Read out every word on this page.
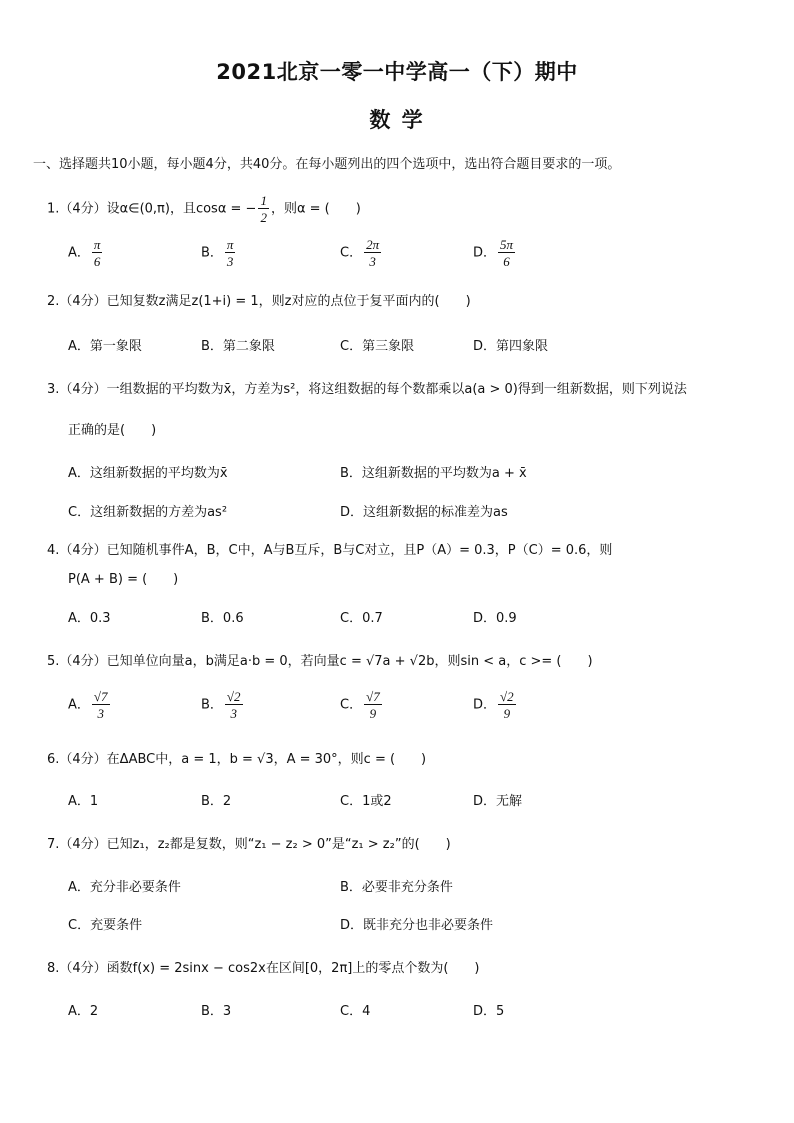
2021北京一零一中学高一（下）期中
数 学
一、选择题共10小题，每小题4分，共40分。在每小题列出的四个选项中，选出符合题目要求的一项。
1.（4分）设α∈(0,π)，且cosα = − $\frac{1}{2}$ ，则α = (　　)
A． $\frac{\pi}{6}$	B． $\frac{\pi}{3}$	C． $\frac{2\pi}{3}$	D． $\frac{5\pi}{6}$
2.（4分）已知复数z满足z(1+i) = 1，则z对应的点位于复平面内的(　　)
A．第一象限	B．第二象限	C．第三象限	D．第四象限
3.（4分）一组数据的平均数为x̄，方差为s²，将这组数据的每个数都乘以a(a > 0)得到一组新数据，则下列说法
正确的是(　　)
A．这组新数据的平均数为x̄	B．这组新数据的平均数为a + x̄
C．这组新数据的方差为as²	D．这组新数据的标准差为as
4.（4分）已知随机事件A，B，C中，A与B互斥，B与C对立，且P（A）= 0.3，P（C）= 0.6，则
P(A + B) = (　　)
A．0.3	B．0.6	C．0.7	D．0.9
5.（4分）已知单位向量a，b满足a·b = 0，若向量c = √7a + √2b，则sin < a，c >= (　　)
A． $\frac{√7}{3}$	B． $\frac{√2}{3}$	C． $\frac{√7}{9}$	D． $\frac{√2}{9}$
6.（4分）在ΔABC中，a = 1，b = √3，A = 30°，则c = (　　)
A．1	B．2	C．1或2	D．无解
7.（4分）已知z₁，z₂都是复数，则“z₁ − z₂ > 0”是“z₁ > z₂”的(　　)
A．充分非必要条件	B．必要非充分条件
C．充要条件	D．既非充分也非必要条件
8.（4分）函数f(x) = 2sinx − cos2x在区间[0，2π]上的零点个数为(　　)
A．2	B．3	C．4	D．5
